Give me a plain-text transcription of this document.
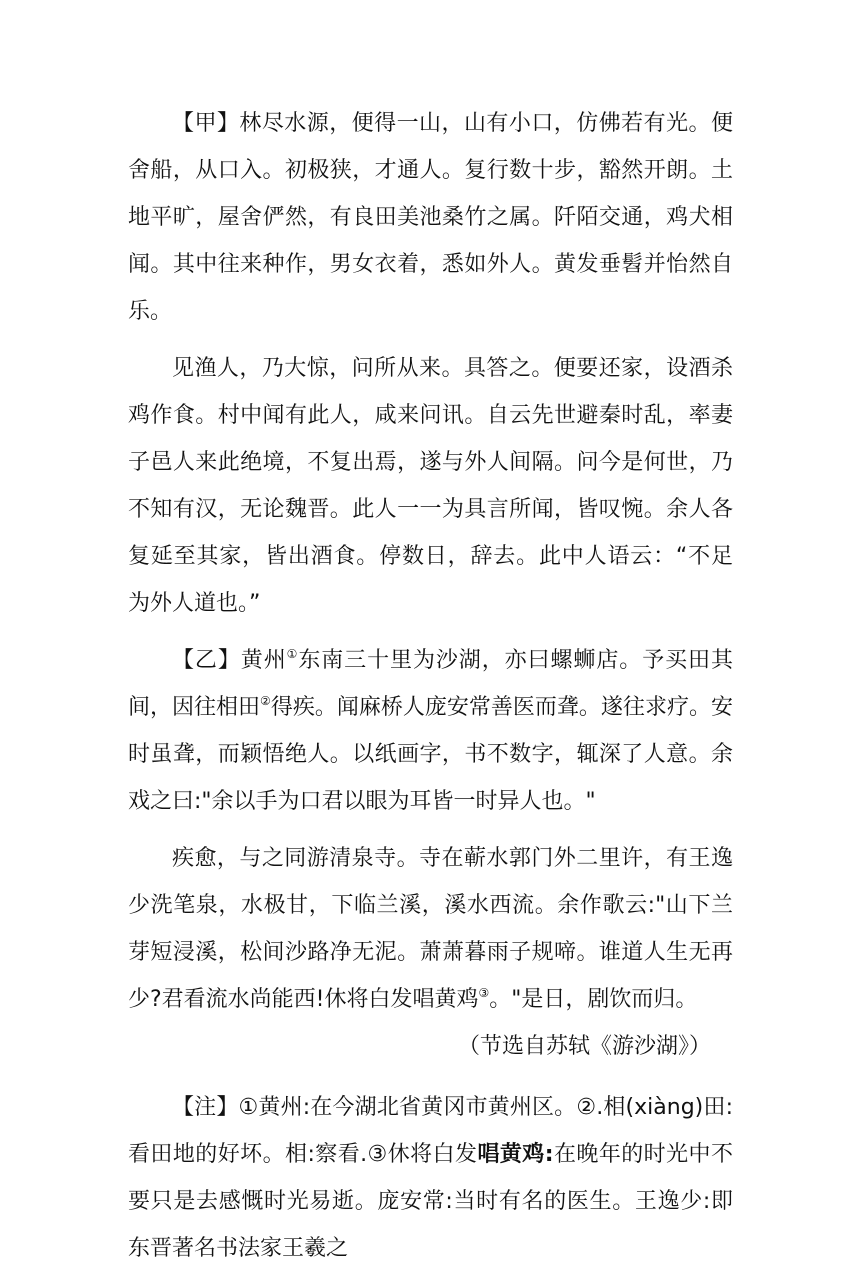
【甲】林尽水源，便得一山，山有小口，仿佛若有光。便舍船，从口入。初极狭，才通人。复行数十步，豁然开朗。土地平旷，屋舍俨然，有良田美池桑竹之属。阡陌交通，鸡犬相闻。其中往来种作，男女衣着，悉如外人。黄发垂髫并怡然自乐。

见渔人，乃大惊，问所从来。具答之。便要还家，设酒杀鸡作食。村中闻有此人，咸来问讯。自云先世避秦时乱，率妻子邑人来此绝境，不复出焉，遂与外人间隔。问今是何世，乃不知有汉，无论魏晋。此人一一为具言所闻，皆叹惋。余人各复延至其家，皆出酒食。停数日，辞去。此中人语云：“不足为外人道也。”

【乙】黄州①东南三十里为沙湖，亦曰螺蛳店。予买田其间，因往相田②得疾。闻麻桥人庞安常善医而聋。遂往求疗。安时虽聋，而颖悟绝人。以纸画字，书不数字，辄深了人意。余戏之曰:"余以手为口君以眼为耳皆一时异人也。"

疾愈，与之同游清泉寺。寺在蕲水郭门外二里许，有王逸少洗笔泉，水极甘，下临兰溪，溪水西流。余作歌云:"山下兰芽短浸溪，松间沙路净无泥。萧萧暮雨子规啼。谁道人生无再少?君看流水尚能西!休将白发唱黄鸡③。"是日，剧饮而归。

（节选自苏轼《游沙湖》）

【注】①黄州:在今湖北省黄冈市黄州区。②.相(xiàng)田:看田地的好坏。相:察看.③休将白发唱黄鸡:在晚年的时光中不要只是去感慨时光易逝。庞安常:当时有名的医生。王逸少:即东晋著名书法家王羲之
